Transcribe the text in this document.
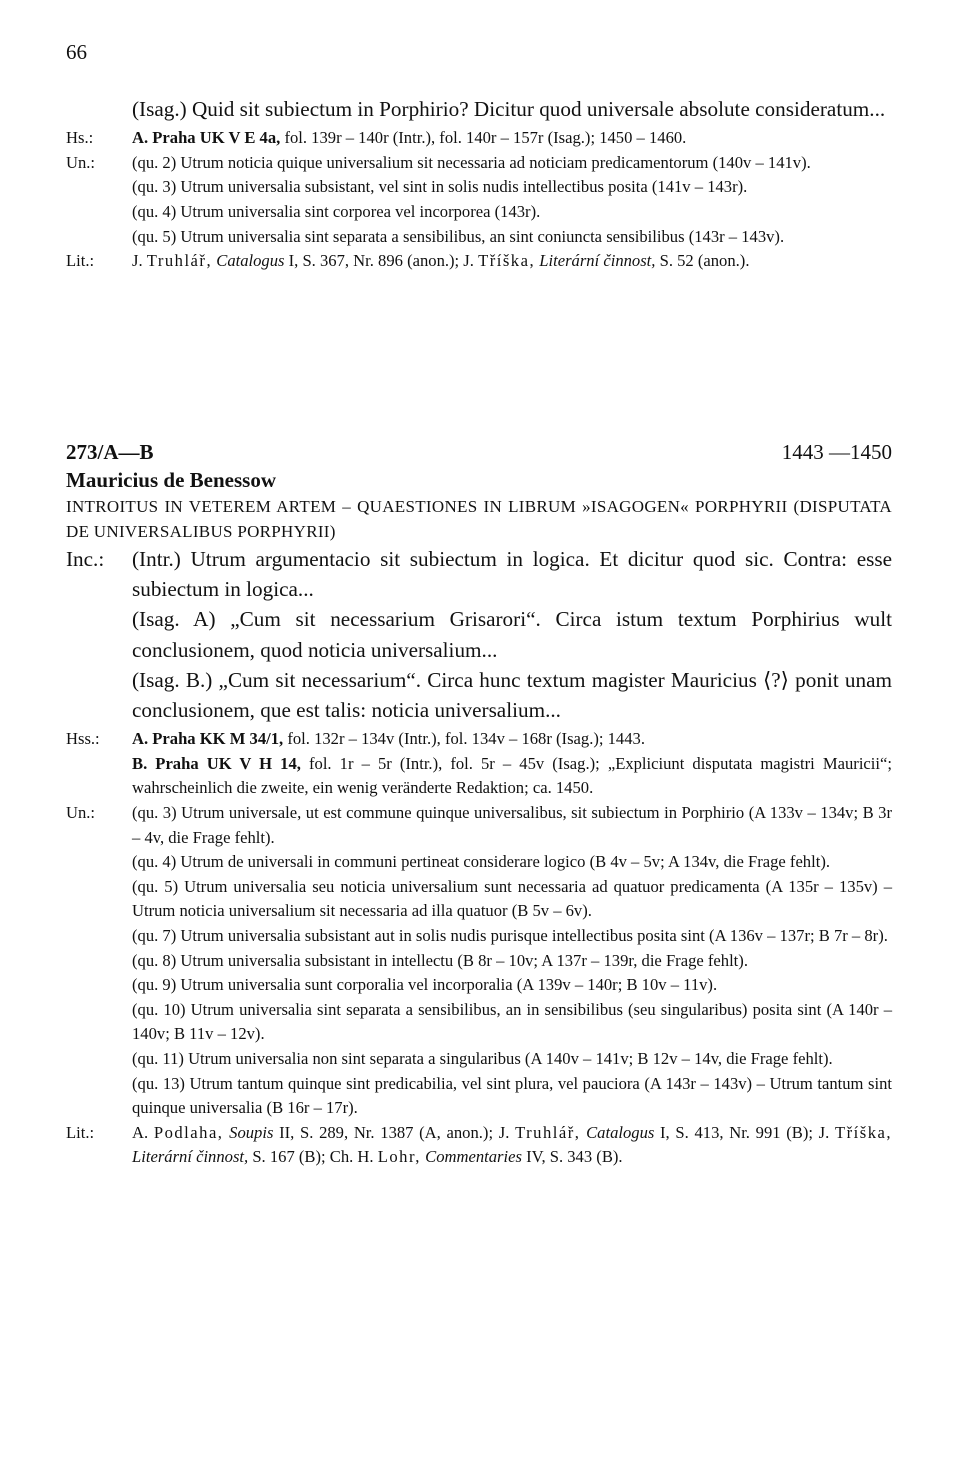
66
(Isag.) Quid sit subiectum in Porphirio? Dicitur quod universale absolute consideratum...
Hs.:	A. Praha UK V E 4a, fol. 139r – 140r (Intr.), fol. 140r – 157r (Isag.); 1450 – 1460.
Un.:	(qu. 2) Utrum noticia quique universalium sit necessaria ad noticiam predicamentorum (140v – 141v).
(qu. 3) Utrum universalia subsistant, vel sint in solis nudis intellectibus posita (141v – 143r).
(qu. 4) Utrum universalia sint corporea vel incorporea (143r).
(qu. 5) Utrum universalia sint separata a sensibilibus, an sint coniuncta sensibilibus (143r – 143v).
Lit.:	J. Truhlář, Catalogus I, S. 367, Nr. 896 (anon.); J. Tříška, Literární činnost, S. 52 (anon.).
273/A—B	1443 —1450
Mauricius de Benessow
INTROITUS IN VETEREM ARTEM – QUAESTIONES IN LIBRUM »ISAGOGEN« PORPHYRII (DISPUTATA DE UNIVERSALIBUS PORPHYRII)
Inc.:	(Intr.) Utrum argumentacio sit subiectum in logica. Et dicitur quod sic. Contra: esse subiectum in logica...
(Isag. A) „Cum sit necessarium Grisarori“. Circa istum textum Porphirius wult conclusionem, quod noticia universalium...
(Isag. B.) „Cum sit necessarium“. Circa hunc textum magister Mauricius ⟨?⟩ ponit unam conclusionem, que est talis: noticia universalium...
Hss.:	A. Praha KK M 34/1, fol. 132r – 134v (Intr.), fol. 134v – 168r (Isag.); 1443.
B. Praha UK V H 14, fol. 1r – 5r (Intr.), fol. 5r – 45v (Isag.); „Expliciunt disputata magistri Mauricii“; wahrscheinlich die zweite, ein wenig veränderte Redaktion; ca. 1450.
Un.:	(qu. 3) Utrum universale, ut est commune quinque universalibus, sit subiectum in Porphirio (A 133v – 134v; B 3r – 4v, die Frage fehlt).
(qu. 4) Utrum de universali in communi pertineat considerare logico (B 4v – 5v; A 134v, die Frage fehlt).
(qu. 5) Utrum universalia seu noticia universalium sunt necessaria ad quatuor predicamenta (A 135r – 135v) – Utrum noticia universalium sit necessaria ad illa quatuor (B 5v – 6v).
(qu. 7) Utrum universalia subsistant aut in solis nudis purisque intellectibus posita sint (A 136v – 137r; B 7r – 8r).
(qu. 8) Utrum universalia subsistant in intellectu (B 8r – 10v; A 137r – 139r, die Frage fehlt).
(qu. 9) Utrum universalia sunt corporalia vel incorporalia (A 139v – 140r; B 10v – 11v).
(qu. 10) Utrum universalia sint separata a sensibilibus, an in sensibilibus (seu singularibus) posita sint (A 140r – 140v; B 11v – 12v).
(qu. 11) Utrum universalia non sint separata a singularibus (A 140v – 141v; B 12v – 14v, die Frage fehlt).
(qu. 13) Utrum tantum quinque sint predicabilia, vel sint plura, vel pauciora (A 143r – 143v) – Utrum tantum sint quinque universalia (B 16r – 17r).
Lit.:	A. Podlaha, Soupis II, S. 289, Nr. 1387 (A, anon.); J. Truhlář, Catalogus I, S. 413, Nr. 991 (B); J. Tříška, Literární činnost, S. 167 (B); Ch. H. Lohr, Commentaries IV, S. 343 (B).
